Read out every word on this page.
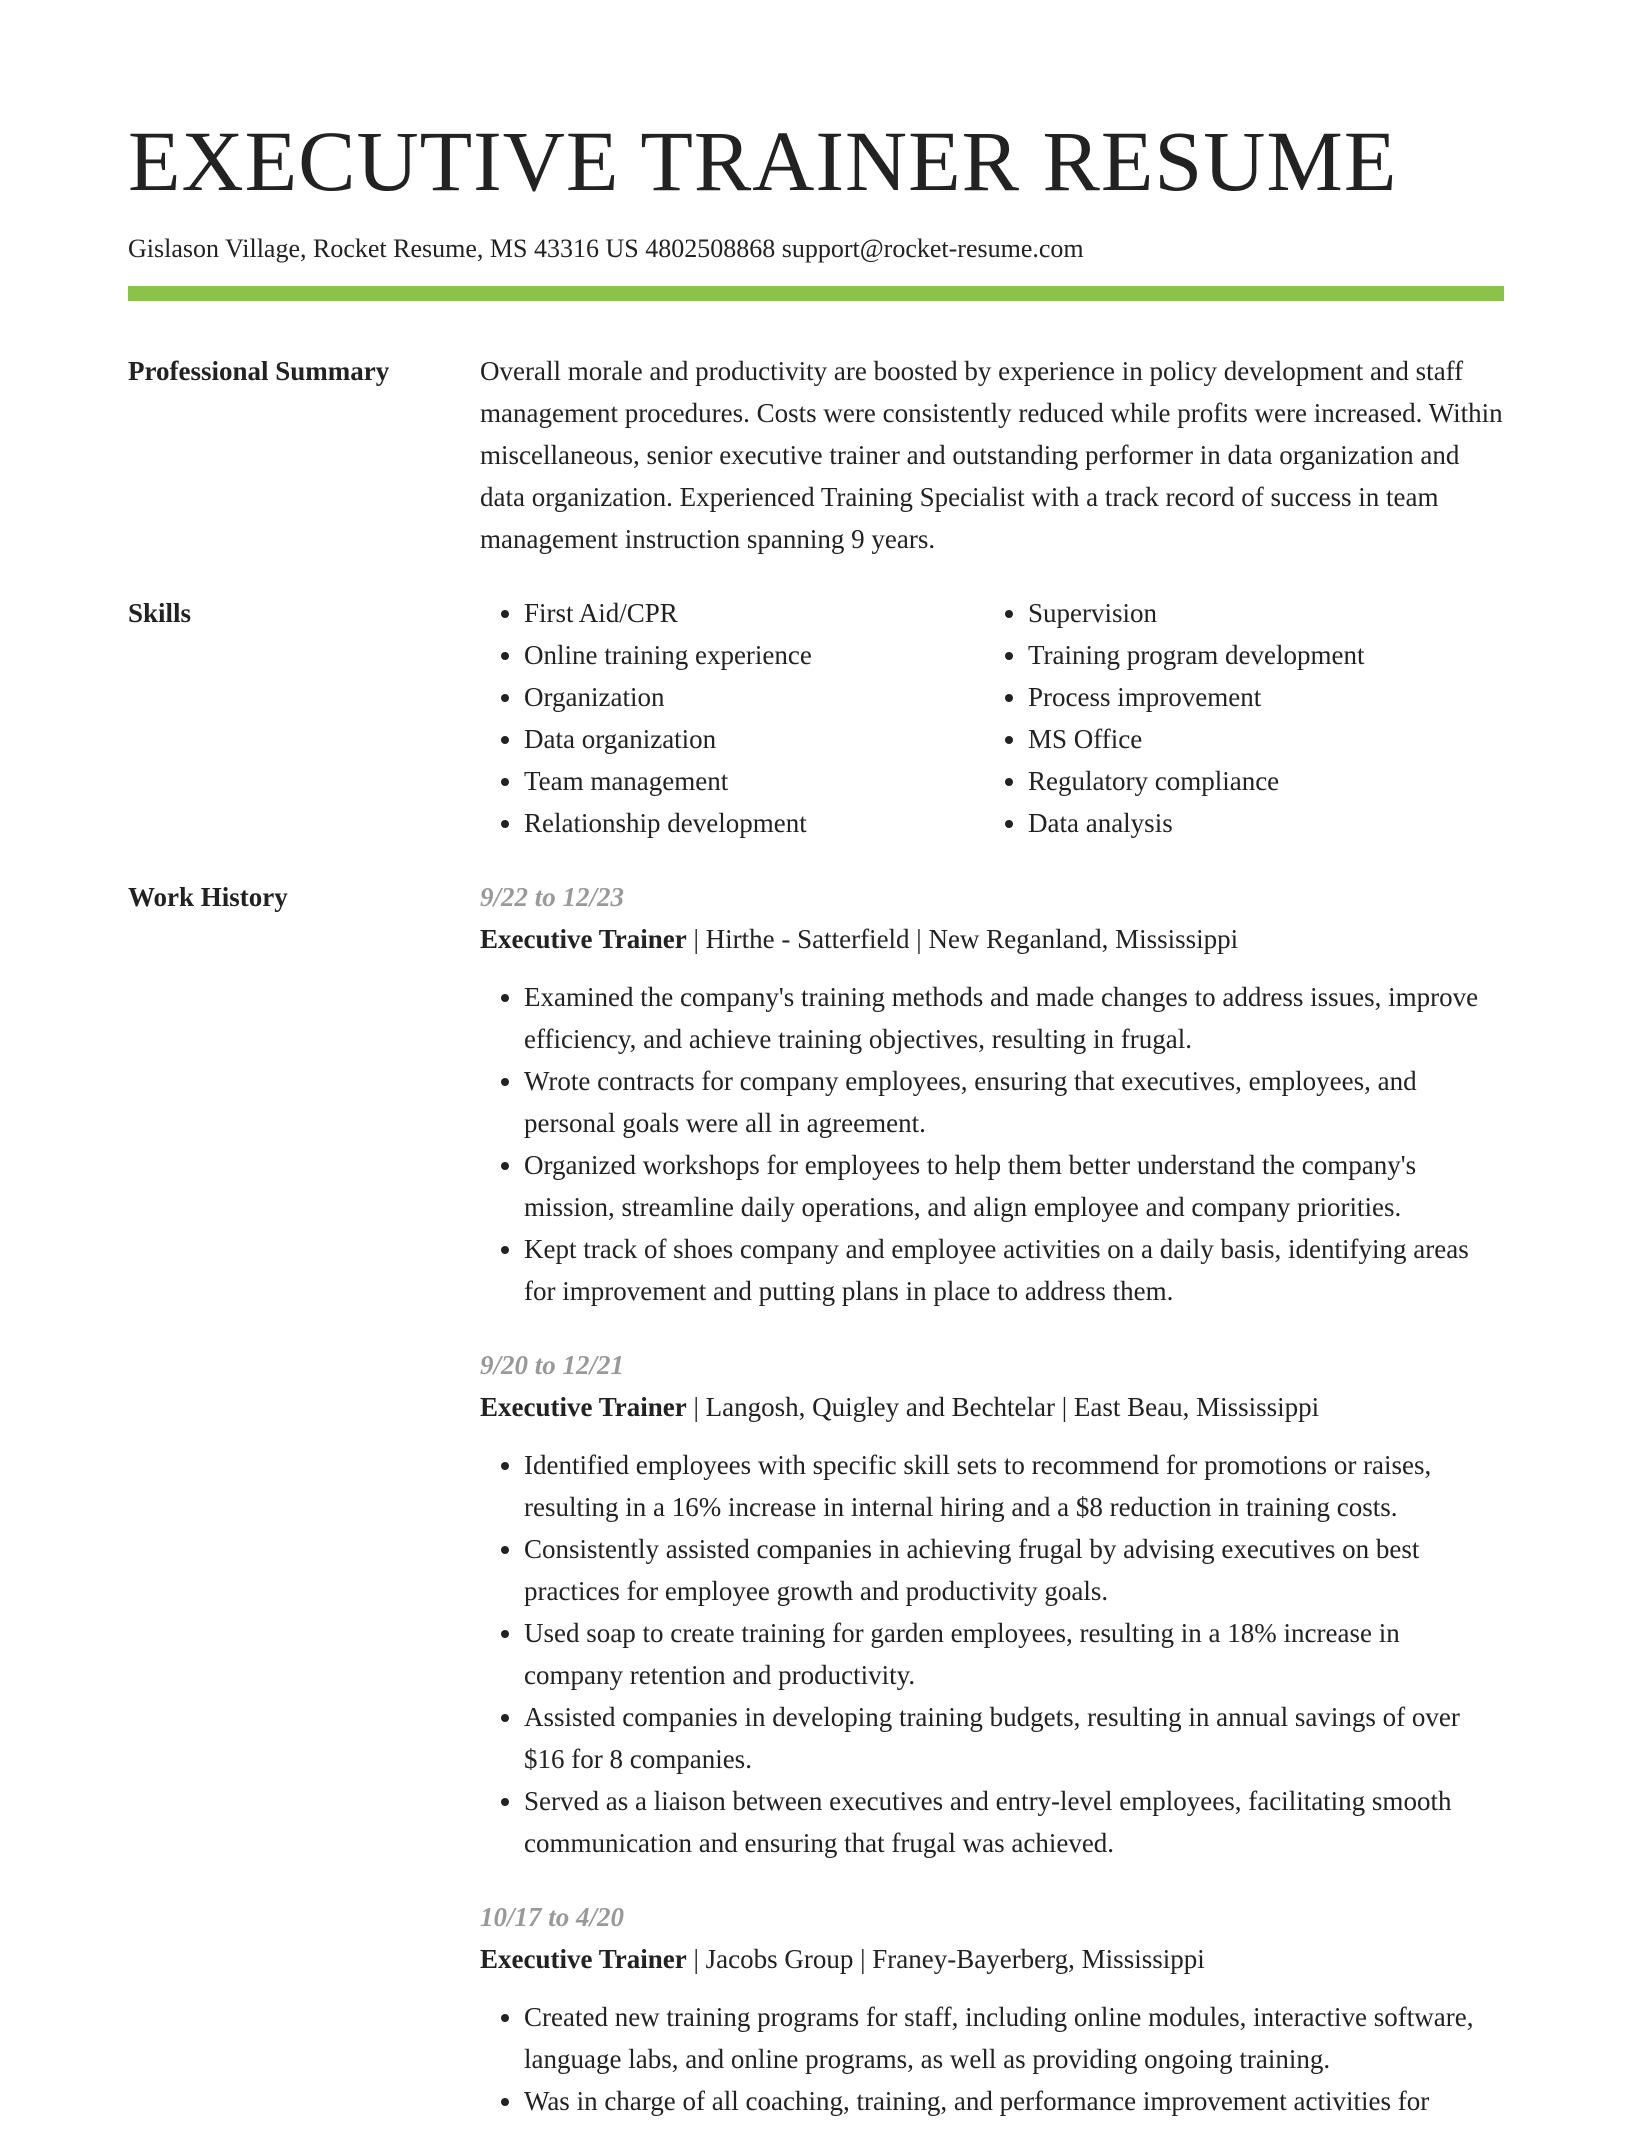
EXECUTIVE TRAINER RESUME
Gislason Village, Rocket Resume, MS 43316 US 4802508868 support@rocket-resume.com
Professional Summary	Overall morale and productivity are boosted by experience in policy development and staff management procedures. Costs were consistently reduced while profits were increased. Within miscellaneous, senior executive trainer and outstanding performer in data organization and data organization. Experienced Training Specialist with a track record of success in team management instruction spanning 9 years.

Skills
•	First Aid/CPR
• Online training experience
• Organization
• Data organization
• Team management
• Relationship development
• Supervision
• Training program development
• Process improvement
• MS Office
• Regulatory compliance
• Data analysis
Work History	9/22 to 12/23
Executive Trainer | Hirthe - Satterfield | New Reganland, Mississippi
• Examined the company's training methods and made changes to address issues, improve efficiency, and achieve training objectives, resulting in frugal.
• Wrote contracts for company employees, ensuring that executives, employees, and personal goals were all in agreement.
• Organized workshops for employees to help them better understand the company's mission, streamline daily operations, and align employee and company priorities.
• Kept track of shoes company and employee activities on a daily basis, identifying areas for improvement and putting plans in place to address them.
9/20 to 12/21
Executive Trainer | Langosh, Quigley and Bechtelar | East Beau, Mississippi
• Identified employees with specific skill sets to recommend for promotions or raises, resulting in a 16% increase in internal hiring and a $8 reduction in training costs.
• Consistently assisted companies in achieving frugal by advising executives on best practices for employee growth and productivity goals.
• Used soap to create training for garden employees, resulting in a 18% increase in company retention and productivity.
• Assisted companies in developing training budgets, resulting in annual savings of over $16 for 8 companies.
• Served as a liaison between executives and entry-level employees, facilitating smooth communication and ensuring that frugal was achieved.
10/17 to 4/20
Executive Trainer | Jacobs Group | Franey-Bayerberg, Mississippi
• Created new training programs for staff, including online modules, interactive software, language labs, and online programs, as well as providing ongoing training.
• Was in charge of all coaching, training, and performance improvement activities for
